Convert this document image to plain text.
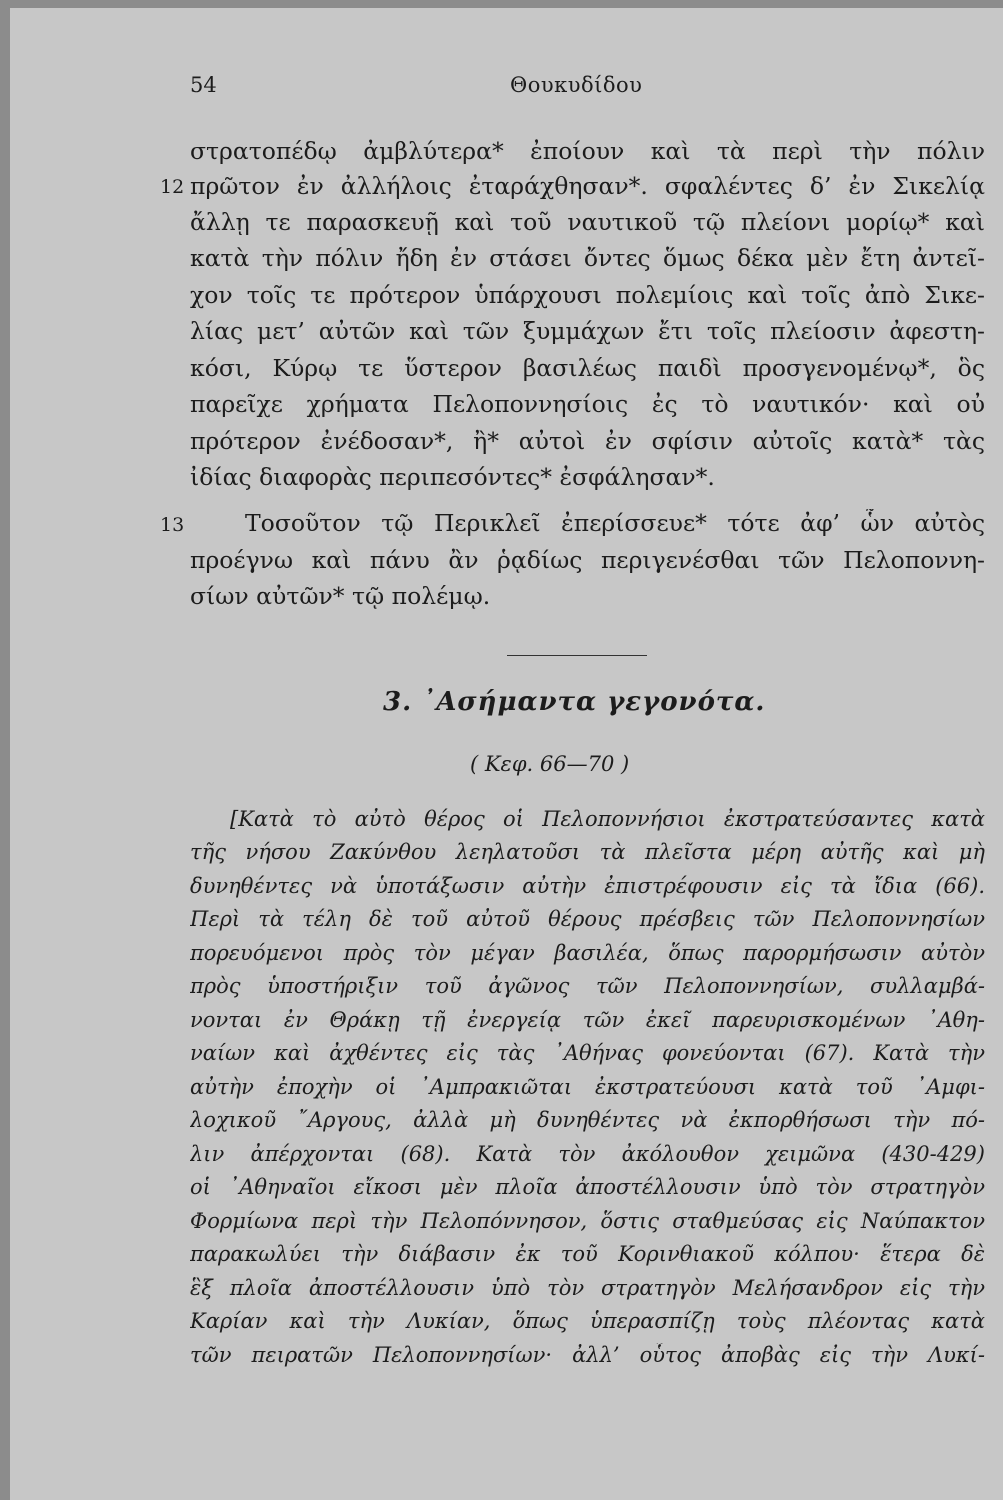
54	Θουκυδίδου
στρατοπέδῳ ἀμβλύτερα* ἐποίουν καὶ τὰ περὶ τὴν πόλιν
12 πρῶτον ἐν ἀλλήλοις ἐταράχθησαν*. σφαλέντες δ’ ἐν Σικελίᾳ
ἄλλῃ τε παρασκευῇ καὶ τοῦ ναυτικοῦ τῷ πλείονι μορίῳ* καὶ
κατὰ τὴν πόλιν ἤδη ἐν στάσει ὄντες ὅμως δέκα μὲν ἔτη ἀντεῖ-
χον τοῖς τε πρότερον ὑπάρχουσι πολεμίοις καὶ τοῖς ἀπὸ Σικε-
λίας μετ’ αὐτῶν καὶ τῶν ξυμμάχων ἔτι τοῖς πλείοσιν ἀφεστη-
κόσι, Κύρῳ τε ὕστερον βασιλέως παιδὶ προσγενομένῳ*, ὃς
παρεῖχε χρήματα Πελοποννησίοις ἐς τὸ ναυτικόν· καὶ οὐ
πρότερον ἐνέδοσαν*, ἢ* αὐτοὶ ἐν σφίσιν αὐτοῖς κατὰ* τὰς
ἰδίας διαφορὰς περιπεσόντες* ἐσφάλησαν*.
13	Τοσοῦτον τῷ Περικλεῖ ἐπερίσσευε* τότε ἀφ’ ὧν αὐτὸς
προέγνω καὶ πάνυ ἂν ῥᾳδίως περιγενέσθαι τῶν Πελοποννη-
σίων αὐτῶν* τῷ πολέμῳ.
3. ᾽Ασήμαντα γεγονότα.
( Κεφ. 66—70 )
[Κατὰ τὸ αὐτὸ θέρος οἱ Πελοποννήσιοι ἐκστρατεύσαντες κατὰ
τῆς νήσου Ζακύνθου λεηλατοῦσι τὰ πλεῖστα μέρη αὐτῆς καὶ μὴ
δυνηθέντες νὰ ὑποτάξωσιν αὐτὴν ἐπιστρέφουσιν εἰς τὰ ἴδια (66).
Περὶ τὰ τέλη δὲ τοῦ αὐτοῦ θέρους πρέσβεις τῶν Πελοποννησίων
πορευόμενοι πρὸς τὸν μέγαν βασιλέα, ὅπως παρορμήσωσιν αὐτὸν
πρὸς ὑποστήριξιν τοῦ ἀγῶνος τῶν Πελοποννησίων, συλλαμβά-
νονται ἐν Θράκῃ τῇ ἐνεργείᾳ τῶν ἐκεῖ παρευρισκομένων ᾽Αθη-
ναίων καὶ ἀχθέντες εἰς τὰς ᾽Αθήνας φονεύονται (67). Κατὰ τὴν
αὐτὴν ἐποχὴν οἱ ᾽Αμπρακιῶται ἐκστρατεύουσι κατὰ τοῦ ᾽Αμφι-
λοχικοῦ ῎Αργους, ἀλλὰ μὴ δυνηθέντες νὰ ἐκπορθήσωσι τὴν πό-
λιν ἀπέρχονται (68). Κατὰ τὸν ἀκόλουθον χειμῶνα (430-429)
οἱ ᾽Αθηναῖοι εἴκοσι μὲν πλοῖα ἀποστέλλουσιν ὑπὸ τὸν στρατηγὸν
Φορμίωνα περὶ τὴν Πελοπόννησον, ὅστις σταθμεύσας εἰς Ναύπακτον
παρακωλύει τὴν διάβασιν ἐκ τοῦ Κορινθιακοῦ κόλπου· ἕτερα δὲ
ἓξ πλοῖα ἀποστέλλουσιν ὑπὸ τὸν στρατηγὸν Μελήσανδρον εἰς τὴν
Καρίαν καὶ τὴν Λυκίαν, ὅπως ὑπερασπίζῃ τοὺς πλέοντας κατὰ
τῶν πειρατῶν Πελοποννησίων· ἀλλ’ οὗτος ἀποβὰς εἰς τὴν Λυκί-
